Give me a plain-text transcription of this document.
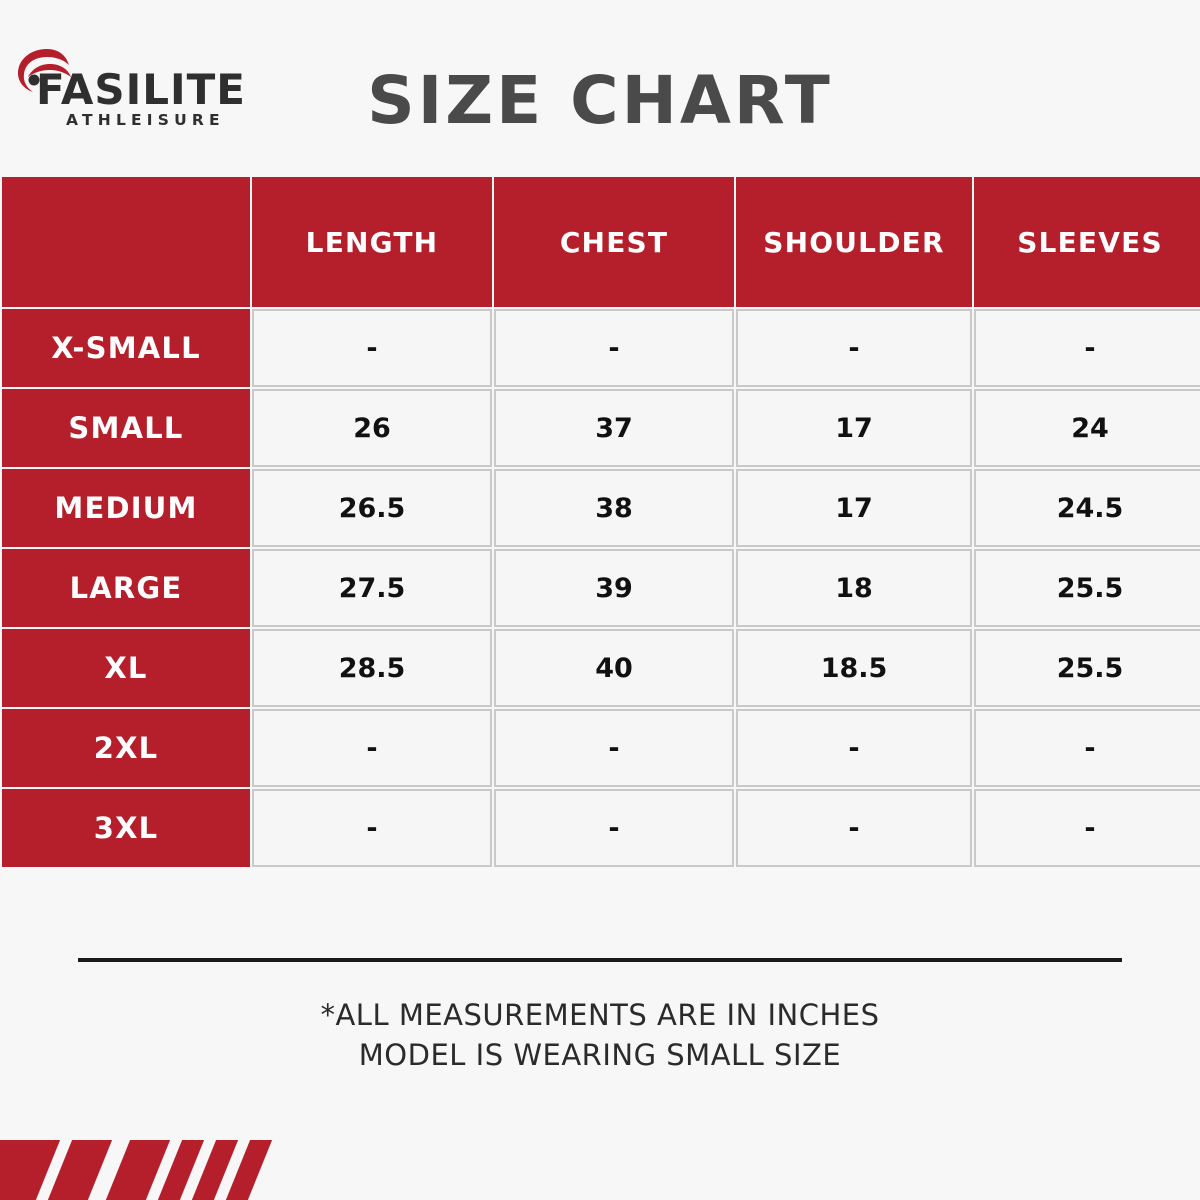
FASILITE
ATHLEISURE	SIZE CHART
	LENGTH	CHEST	SHOULDER	SLEEVES
X-SMALL	-	-	-	-
SMALL	26	37	17	24
MEDIUM	26.5	38	17	24.5
LARGE	27.5	39	18	25.5
XL	28.5	40	18.5	25.5
2XL	-	-	-	-
3XL	-	-	-	-
*ALL MEASUREMENTS ARE IN INCHES
MODEL IS WEARING SMALL SIZE
